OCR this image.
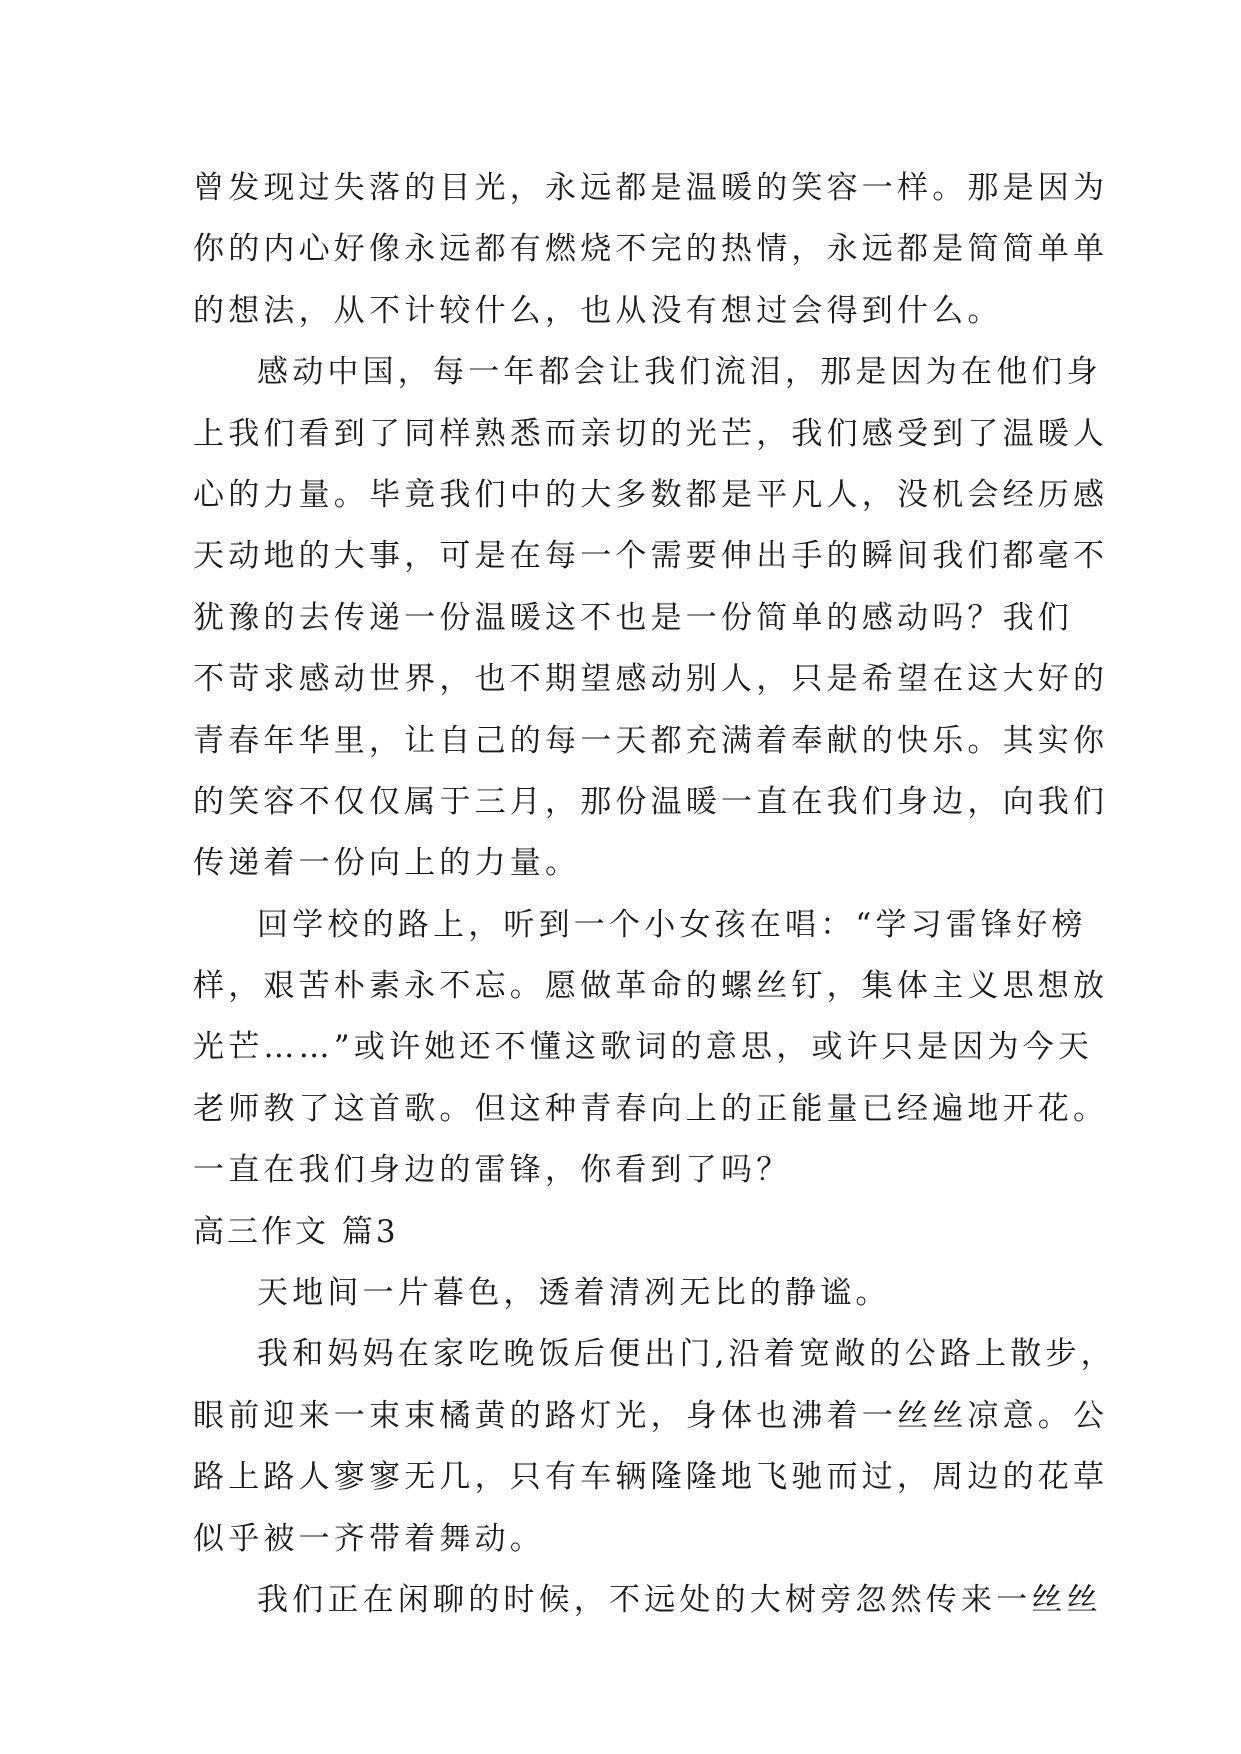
曾发现过失落的目光，永远都是温暖的笑容一样。那是因为
你的内心好像永远都有燃烧不完的热情，永远都是简简单单
的想法，从不计较什么，也从没有想过会得到什么。
感动中国，每一年都会让我们流泪，那是因为在他们身
上我们看到了同样熟悉而亲切的光芒，我们感受到了温暖人
心的力量。毕竟我们中的大多数都是平凡人，没机会经历感
天动地的大事，可是在每一个需要伸出手的瞬间我们都毫不
犹豫的去传递一份温暖这不也是一份简单的感动吗？我们
不苛求感动世界，也不期望感动别人，只是希望在这大好的
青春年华里，让自己的每一天都充满着奉献的快乐。其实你
的笑容不仅仅属于三月，那份温暖一直在我们身边，向我们
传递着一份向上的力量。
回学校的路上，听到一个小女孩在唱：“学习雷锋好榜
样，艰苦朴素永不忘。愿做革命的螺丝钉，集体主义思想放
光芒……”或许她还不懂这歌词的意思，或许只是因为今天
老师教了这首歌。但这种青春向上的正能量已经遍地开花。
一直在我们身边的雷锋，你看到了吗？
高三作文 篇3
天地间一片暮色，透着清冽无比的静谧。
我和妈妈在家吃晚饭后便出门,沿着宽敞的公路上散步，
眼前迎来一束束橘黄的路灯光，身体也沸着一丝丝凉意。公
路上路人寥寥无几，只有车辆隆隆地飞驰而过，周边的花草
似乎被一齐带着舞动。
我们正在闲聊的时候，不远处的大树旁忽然传来一丝丝
